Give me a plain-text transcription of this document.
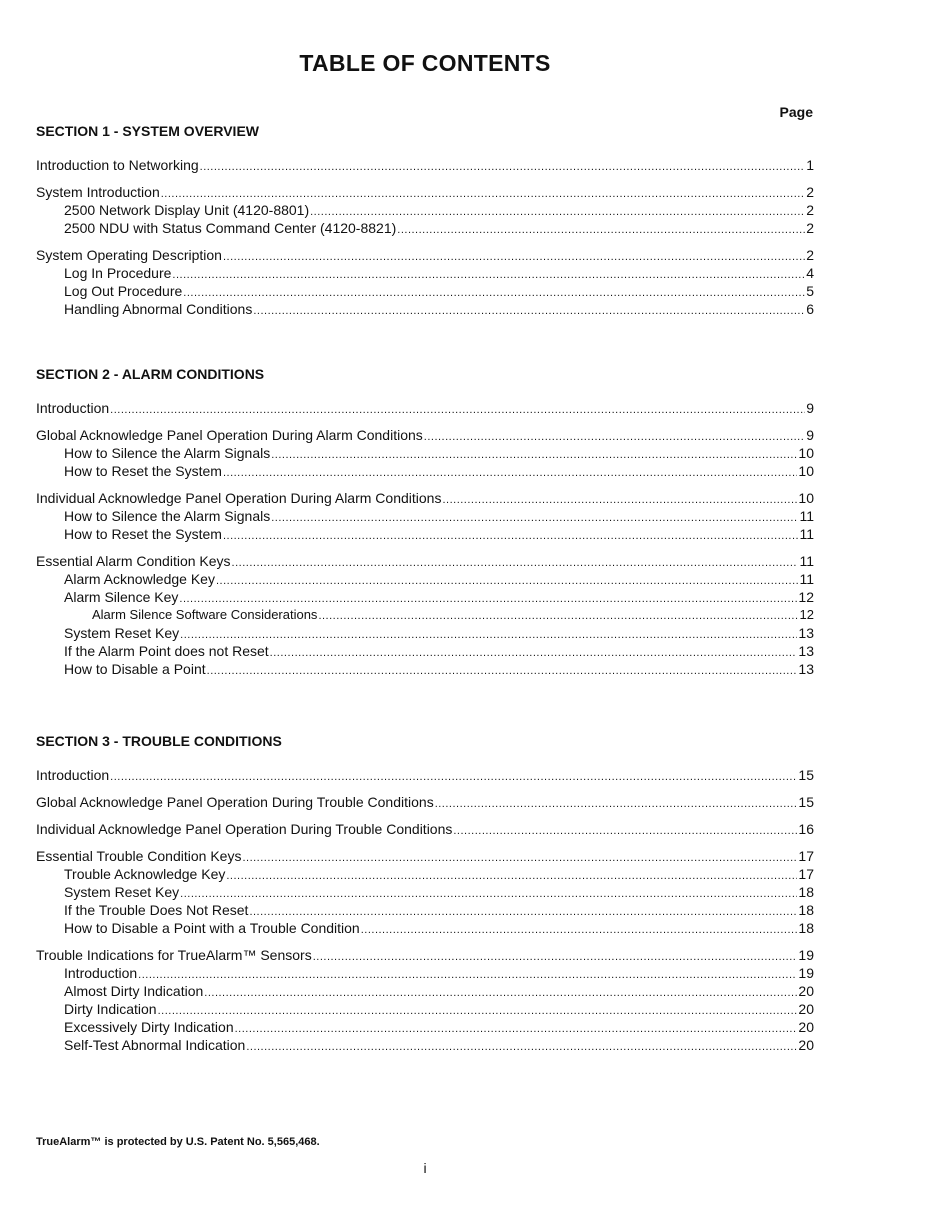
TABLE OF CONTENTS
Page
SECTION 1 - SYSTEM OVERVIEW
Introduction to Networking .....	1
System Introduction .....	2
2500 Network Display Unit (4120-8801) .....	2
2500 NDU with Status Command Center (4120-8821) .....	2
System Operating Description .....	2
Log In Procedure .....	4
Log Out Procedure .....	5
Handling Abnormal Conditions .....	6
SECTION 2 - ALARM CONDITIONS
Introduction .....	9
Global Acknowledge Panel Operation During Alarm Conditions .....	9
How to Silence the Alarm Signals .....	10
How to Reset the System .....	10
Individual Acknowledge Panel Operation During Alarm Conditions .....	10
How to Silence the Alarm Signals .....	11
How to Reset the System .....	11
Essential Alarm Condition Keys .....	11
Alarm Acknowledge Key .....	11
Alarm Silence Key .....	12
Alarm Silence Software Considerations .....	12
System Reset Key .....	13
If the Alarm Point does not Reset .....	13
How to Disable a Point .....	13
SECTION 3 - TROUBLE CONDITIONS
Introduction .....	15
Global Acknowledge Panel Operation During Trouble Conditions .....	15
Individual Acknowledge Panel Operation During Trouble Conditions .....	16
Essential Trouble Condition Keys .....	17
Trouble Acknowledge Key .....	17
System Reset Key .....	18
If the Trouble Does Not Reset .....	18
How to Disable a Point with a Trouble Condition .....	18
Trouble Indications for TrueAlarm™ Sensors .....	19
Introduction .....	19
Almost Dirty Indication .....	20
Dirty Indication .....	20
Excessively Dirty Indication .....	20
Self-Test Abnormal Indication .....	20
TrueAlarm™ is protected by U.S. Patent No. 5,565,468.
i
